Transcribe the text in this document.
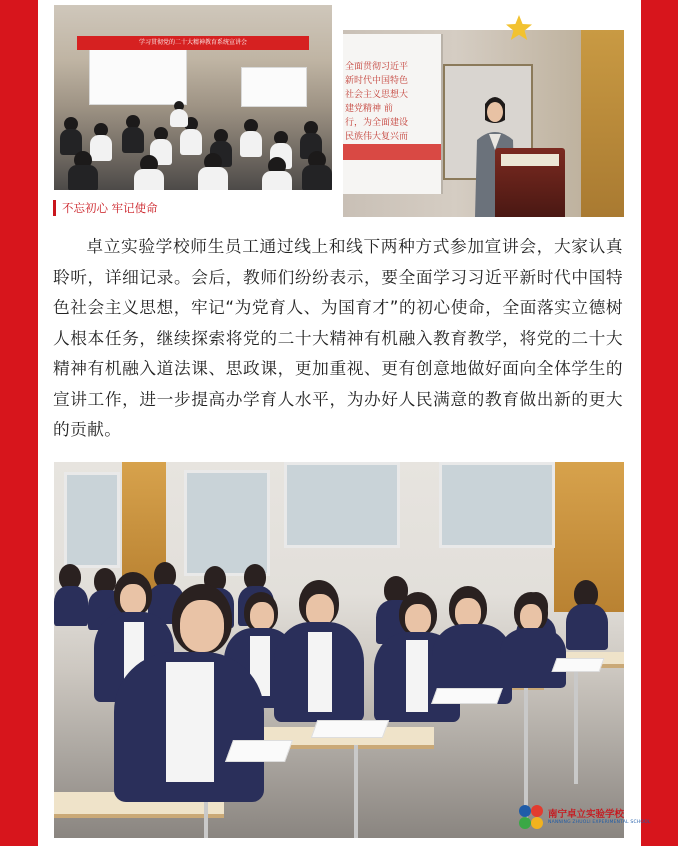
学习贯彻党的二十大精神教育系统宣讲会
全面贯彻习近平新时代中国特色社会主义思想大建党精神 前行，为全面建设民族伟大复兴而
不忘初心 牢记使命

卓立实验学校师生员工通过线上和线下两种方式参加宣讲会，大家认真聆听，详细记录。会后，教师们纷纷表示，要全面学习习近平新时代中国特色社会主义思想，牢记“为党育人、为国育才”的初心使命，全面落实立德树人根本任务，继续探索将党的二十大精神有机融入教育教学，将党的二十大精神有机融入道法课、思政课，更加重视、更有创意地做好面向全体学生的宣讲工作，进一步提高办学育人水平，为办好人民满意的教育做出新的更大的贡献。

南宁卓立实验学校
NANNING ZHUOLI EXPERIMENTAL SCHOOL
